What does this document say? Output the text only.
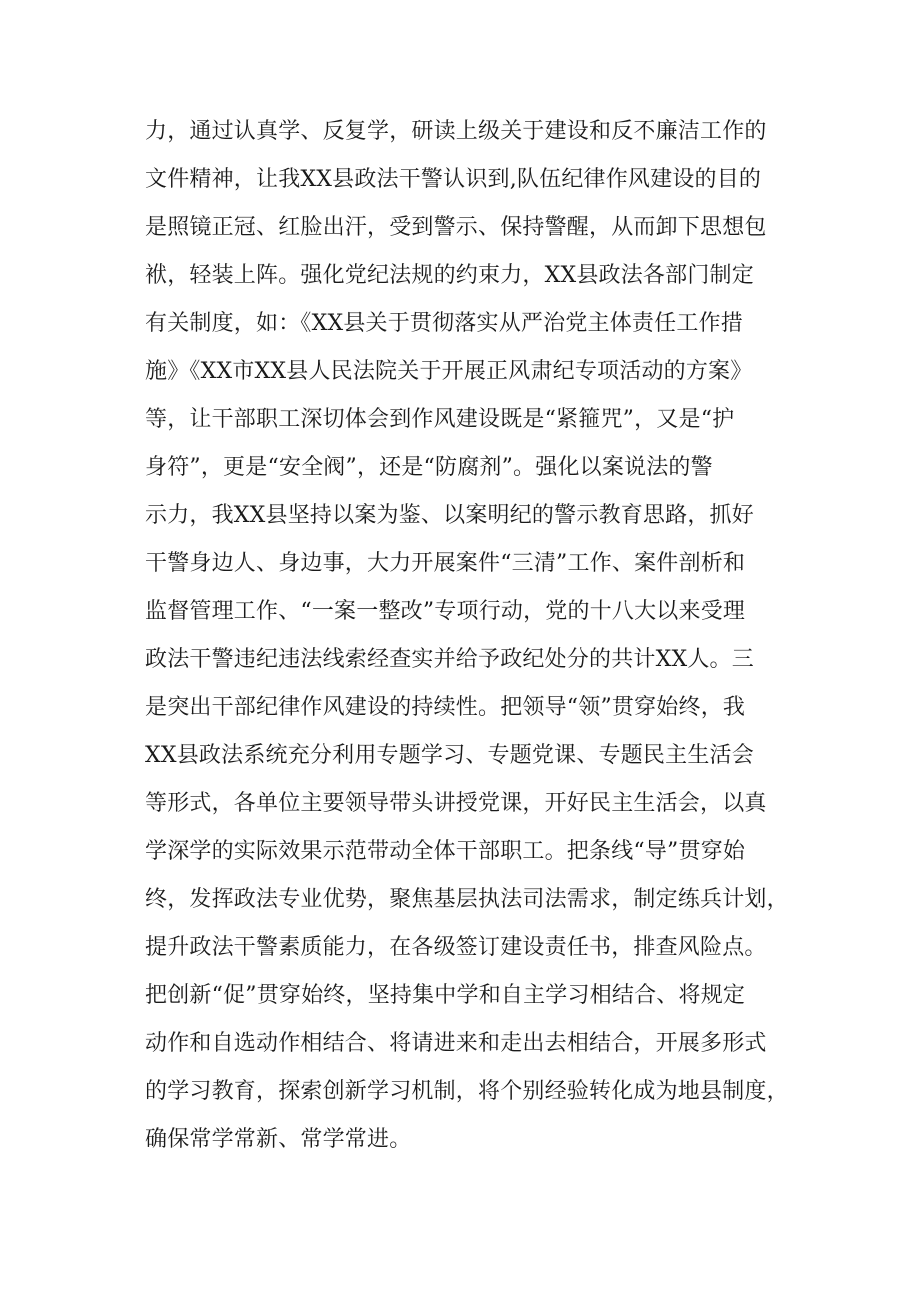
力，通过认真学、反复学，研读上级关于建设和反不廉洁工作的
文件精神，让我XX县政法干警认识到,队伍纪律作风建设的目的
是照镜正冠、红脸出汗，受到警示、保持警醒，从而卸下思想包
袱，轻装上阵。强化党纪法规的约束力，XX县政法各部门制定
有关制度，如：《XX县关于贯彻落实从严治党主体责任工作措
施》《XX市XX县人民法院关于开展正风肃纪专项活动的方案》
等，让干部职工深切体会到作风建设既是“紧箍咒”，又是“护
身符”，更是“安全阀”，还是“防腐剂”。强化以案说法的警
示力，我XX县坚持以案为鉴、以案明纪的警示教育思路，抓好
干警身边人、身边事，大力开展案件“三清”工作、案件剖析和
监督管理工作、“一案一整改”专项行动，党的十八大以来受理
政法干警违纪违法线索经查实并给予政纪处分的共计XX人。三
是突出干部纪律作风建设的持续性。把领导“领”贯穿始终，我
XX县政法系统充分利用专题学习、专题党课、专题民主生活会
等形式，各单位主要领导带头讲授党课，开好民主生活会，以真
学深学的实际效果示范带动全体干部职工。把条线“导”贯穿始
终，发挥政法专业优势，聚焦基层执法司法需求，制定练兵计划，
提升政法干警素质能力，在各级签订建设责任书，排查风险点。
把创新“促”贯穿始终，坚持集中学和自主学习相结合、将规定
动作和自选动作相结合、将请进来和走出去相结合，开展多形式
的学习教育，探索创新学习机制，将个别经验转化成为地县制度，
确保常学常新、常学常进。
